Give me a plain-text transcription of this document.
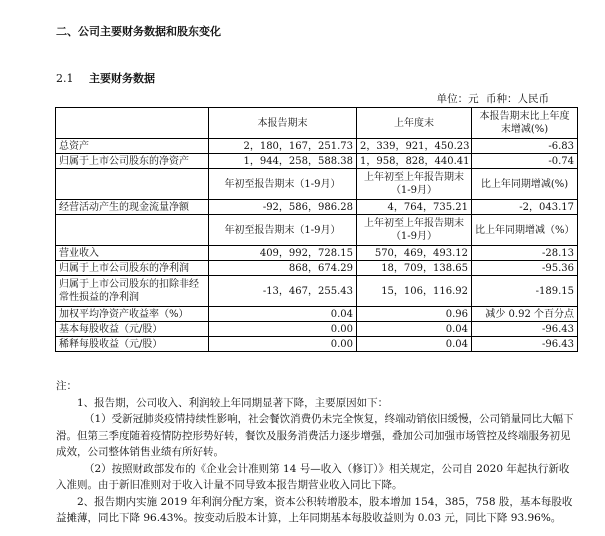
二、公司主要财务数据和股东变化
2.1 主要财务数据
单位：元 币种：人民币
	本报告期末	上年度末	本报告期末比上年度末增减(%)
总资产	2，180，167，251.73	2，339，921，450.23	-6.83
归属于上市公司股东的净资产	1，944，258，588.38	1，958，828，440.41	-0.74
	年初至报告期末（1-9月）	上年初至上年报告期末（1-9月）	比上年同期增减(%)
经营活动产生的现金流量净额	-92，586，986.28	4，764，735.21	-2，043.17
	年初至报告期末（1-9月）	上年初至上年报告期末（1-9月）	比上年同期增减（%）
营业收入	409，992，728.15	570，469，493.12	-28.13
归属于上市公司股东的净利润	868，674.29	18，709，138.65	-95.36
归属于上市公司股东的扣除非经常性损益的净利润	-13，467，255.43	15，106，116.92	-189.15
加权平均净资产收益率（%）	0.04	0.96	减少 0.92 个百分点
基本每股收益（元/股）	0.00	0.04	-96.43
稀释每股收益（元/股）	0.00	0.04	-96.43

注：

1、报告期，公司收入、利润较上年同期显著下降，主要原因如下：

（1）受新冠肺炎疫情持续性影响，社会餐饮消费仍未完全恢复，终端动销依旧缓慢，公司销量同比大幅下滑。但第三季度随着疫情防控形势好转，餐饮及服务消费活力逐步增强，叠加公司加强市场管控及终端服务初见成效，公司整体销售业绩有所好转。

（2）按照财政部发布的《企业会计准则第 14 号—收入（修订）》相关规定，公司自 2020 年起执行新收入准则。由于新旧准则对于收入计量不同导致本报告期营业收入同比下降。

2、报告期内实施 2019 年利润分配方案，资本公积转增股本，股本增加 154，385，758 股，基本每股收益摊薄，同比下降 96.43%。按变动后股本计算，上年同期基本每股收益则为 0.03 元，同比下降 93.96%。
